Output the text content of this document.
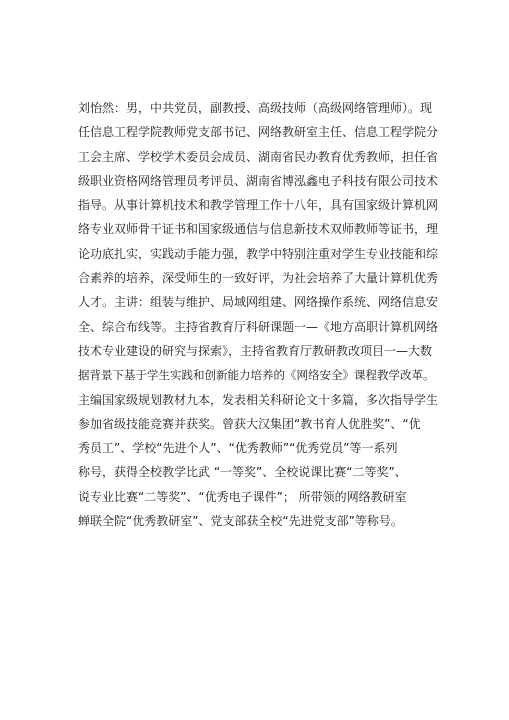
刘怡然：男，中共党员，副教授、高级技师（高级网络管理师）。现
任信息工程学院教师党支部书记、网络教研室主任、信息工程学院分
工会主席、学校学术委员会成员、湖南省民办教育优秀教师，担任省
级职业资格网络管理员考评员、湖南省博泓鑫电子科技有限公司技术
指导。从事计算机技术和教学管理工作十八年，具有国家级计算机网
络专业双师骨干证书和国家级通信与信息新技术双师教师等证书，理
论功底扎实，实践动手能力强，教学中特别注重对学生专业技能和综
合素养的培养，深受师生的一致好评，为社会培养了大量计算机优秀
人才。主讲：组装与维护、局域网组建、网络操作系统、网络信息安
全、综合布线等。主持省教育厅科研课题一—《地方高职计算机网络
技术专业建设的研究与探索》，主持省教育厅教研教改项目一—大数
据背景下基于学生实践和创新能力培养的《网络安全》课程教学改革。
主编国家级规划教材九本，发表相关科研论文十多篇，多次指导学生
参加省级技能竞赛并获奖。曾获大汉集团“教书育人优胜奖”、“优
秀员工”、学校“先进个人”、“优秀教师”“优秀党员”等一系列
称号，获得全校教学比武 “一等奖”、全校说课比赛“二等奖”、
说专业比赛“二等奖”、“优秀电子课件”； 所带领的网络教研室
蝉联全院“优秀教研室”、党支部获全校“先进党支部”等称号。
